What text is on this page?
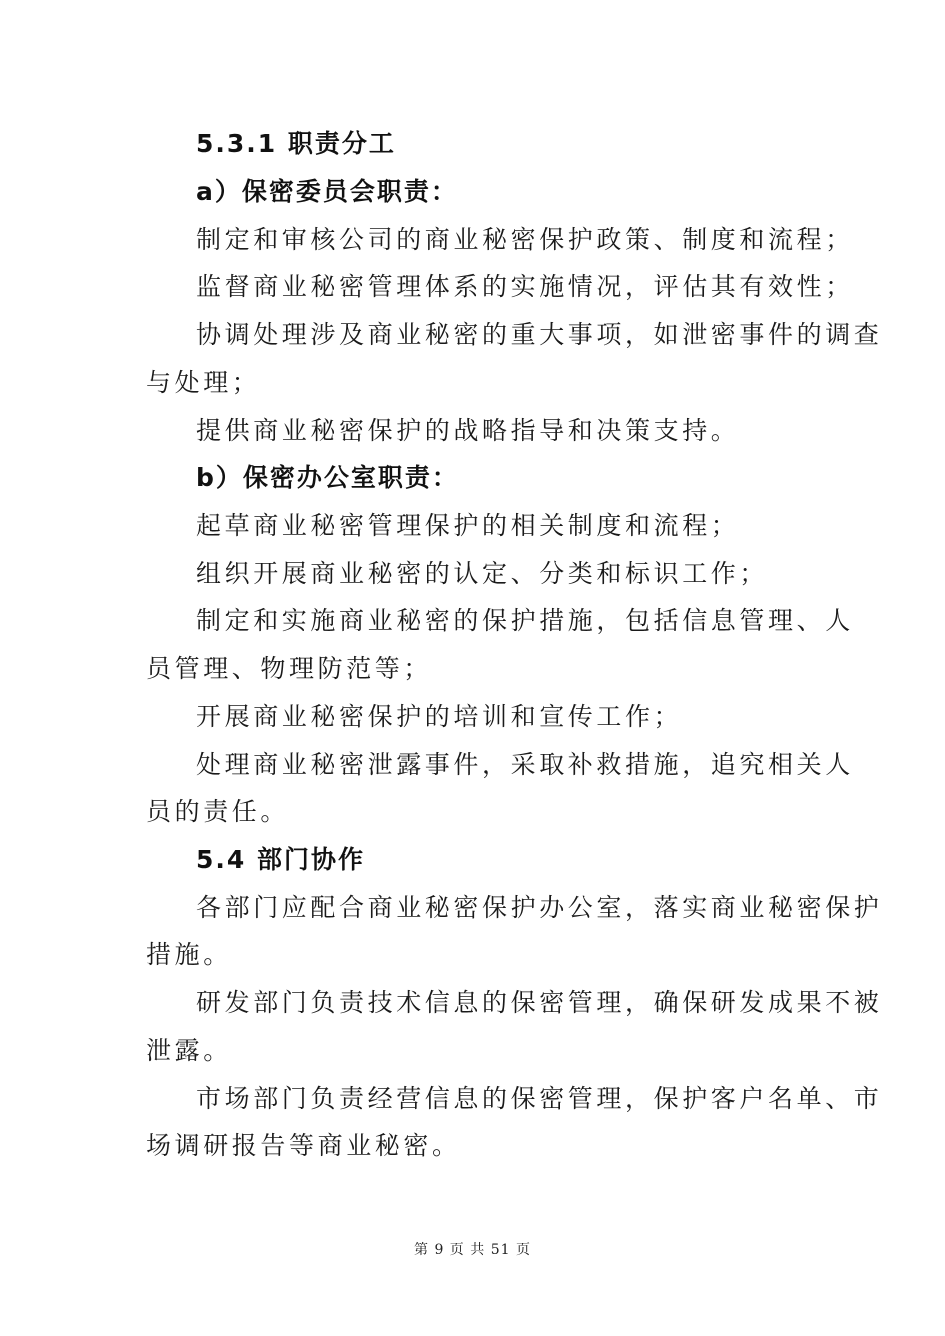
5.3.1 职责分工
a）保密委员会职责：
制定和审核公司的商业秘密保护政策、制度和流程；
监督商业秘密管理体系的实施情况，评估其有效性；
协调处理涉及商业秘密的重大事项，如泄密事件的调查
与处理；
提供商业秘密保护的战略指导和决策支持。
b）保密办公室职责：
起草商业秘密管理保护的相关制度和流程；
组织开展商业秘密的认定、分类和标识工作；
制定和实施商业秘密的保护措施，包括信息管理、人
员管理、物理防范等；
开展商业秘密保护的培训和宣传工作；
处理商业秘密泄露事件，采取补救措施，追究相关人
员的责任。
5.4 部门协作
各部门应配合商业秘密保护办公室，落实商业秘密保护
措施。
研发部门负责技术信息的保密管理，确保研发成果不被
泄露。
市场部门负责经营信息的保密管理，保护客户名单、市
场调研报告等商业秘密。
第 9 页 共 51 页
